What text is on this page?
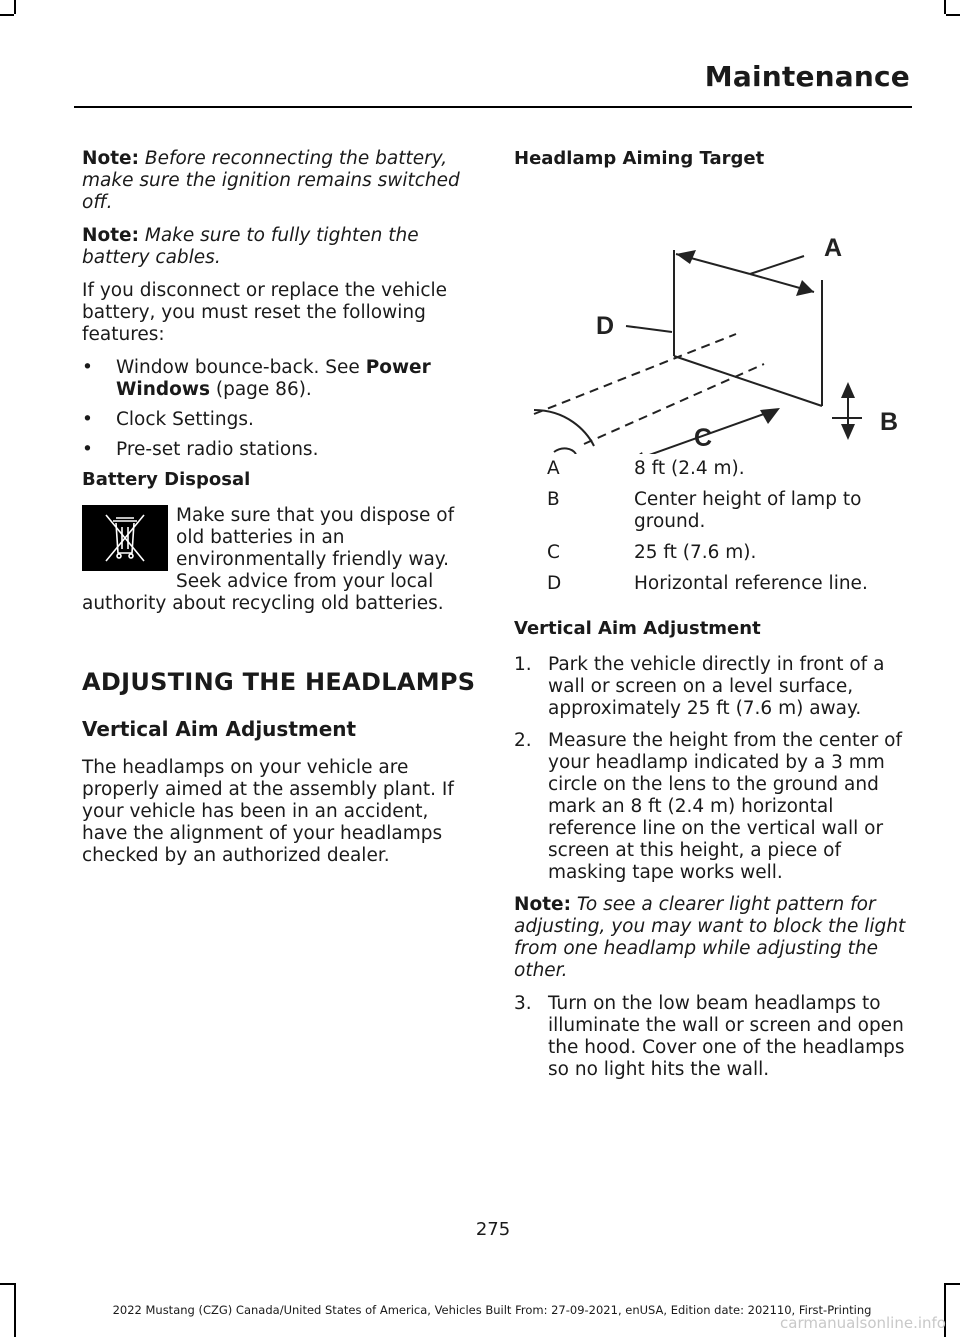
Maintenance

Note: Before reconnecting the battery, make sure the ignition remains switched off.

Note: Make sure to fully tighten the battery cables.

If you disconnect or replace the vehicle battery, you must reset the following features:

• Window bounce-back. See Power Windows (page 86).
• Clock Settings.
• Pre-set radio stations.
Battery Disposal
Make sure that you dispose of old batteries in an environmentally friendly way. Seek advice from your local authority about recycling old batteries.
ADJUSTING THE HEADLAMPS
Vertical Aim Adjustment

The headlamps on your vehicle are properly aimed at the assembly plant. If your vehicle has been in an accident, have the alignment of your headlamps checked by an authorized dealer.

Headlamp Aiming Target
A
D
C
B
A	8 ft (2.4 m).
B	Center height of lamp to ground.
C	25 ft (7.6 m).
D	Horizontal reference line.
Vertical Aim Adjustment
1. Park the vehicle directly in front of a wall or screen on a level surface, approximately 25 ft (7.6 m) away.
2. Measure the height from the center of your headlamp indicated by a 3 mm circle on the lens to the ground and mark an 8 ft (2.4 m) horizontal reference line on the vertical wall or screen at this height, a piece of masking tape works well.

Note: To see a clearer light pattern for adjusting, you may want to block the light from one headlamp while adjusting the other.

3. Turn on the low beam headlamps to illuminate the wall or screen and open the hood. Cover one of the headlamps so no light hits the wall.
275
2022 Mustang (CZG) Canada/United States of America, Vehicles Built From: 27-09-2021, enUSA, Edition date: 202110, First-Printing
carmanualsonline.info
